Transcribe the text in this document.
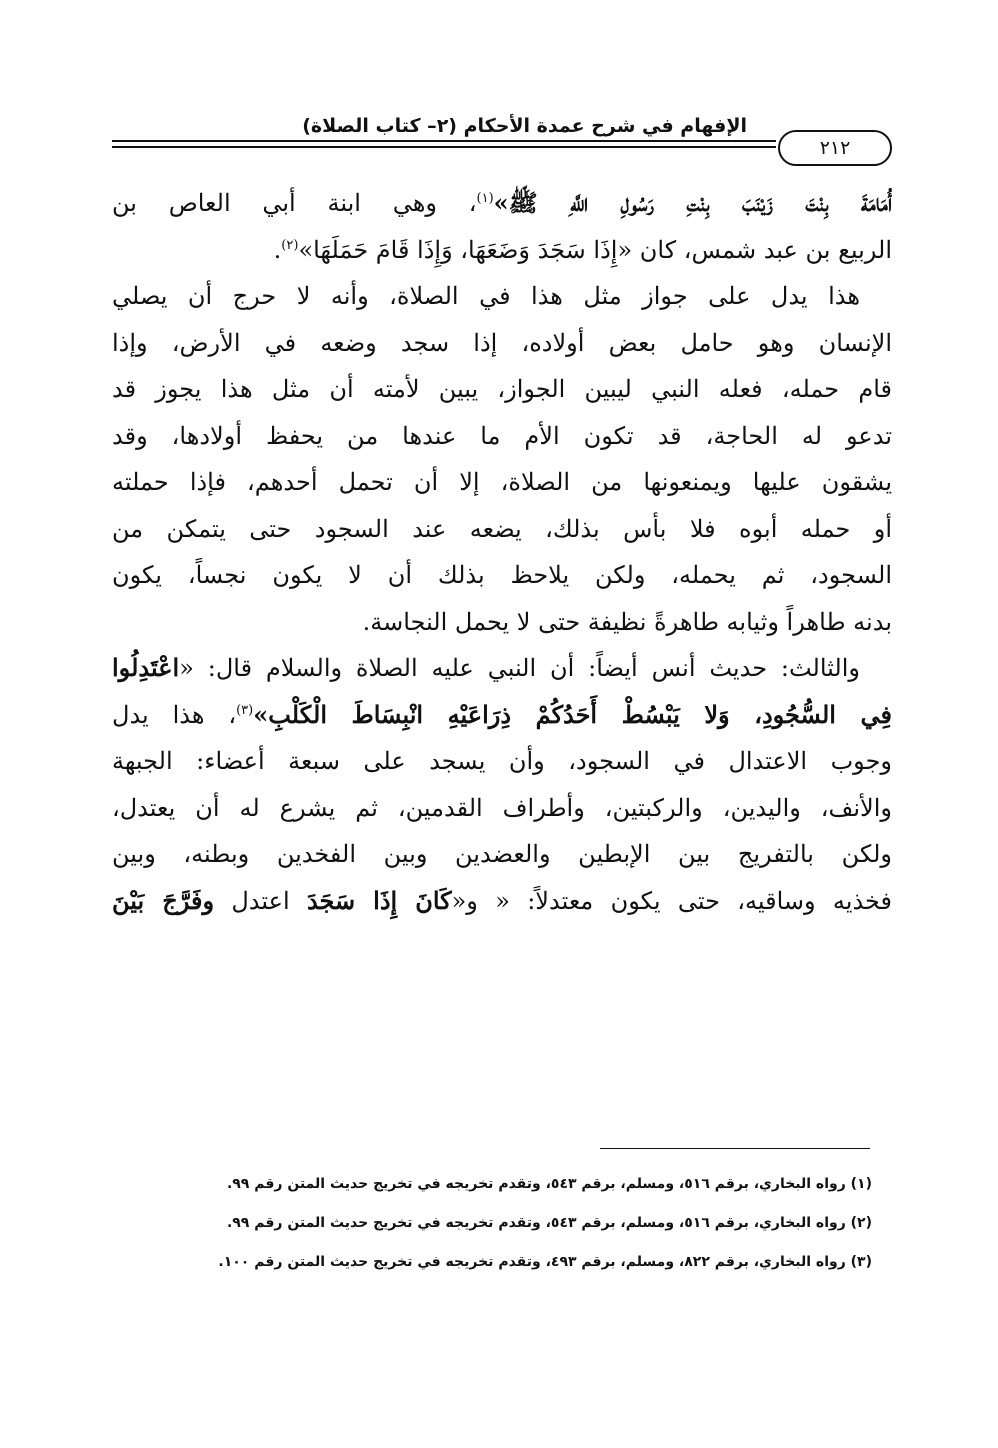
الإفهام في شرح عمدة الأحكام (٢– كتاب الصلاة)
٢١٢
أُمَامَةَ بِنْتَ زَيْنَبَ بِنْتِ رَسُولِ اللَّهِ ﷺ»$^{(١)}$، وهي ابنة أبي العاص بن
الربيع بن عبد شمس، كان «إِذَا سَجَدَ وَضَعَهَا، وَإِذَا قَامَ حَمَلَهَا»$^{(٢)}$.
هذا يدل على جواز مثل هذا في الصلاة، وأنه لا حرج أن يصلي
الإنسان وهو حامل بعض أولاده، إذا سجد وضعه في الأرض، وإذا
قام حمله، فعله النبي ليبين الجواز، يبين لأمته أن مثل هذا يجوز قد
تدعو له الحاجة، قد تكون الأم ما عندها من يحفظ أولادها، وقد
يشقون عليها ويمنعونها من الصلاة، إلا أن تحمل أحدهم، فإذا حملته
أو حمله أبوه فلا بأس بذلك، يضعه عند السجود حتى يتمكن من
السجود، ثم يحمله، ولكن يلاحظ بذلك أن لا يكون نجساً، يكون
بدنه طاهراً وثيابه طاهرةً نظيفة حتى لا يحمل النجاسة.
والثالث: حديث أنس أيضاً: أن النبي عليه الصلاة والسلام قال: «اعْتَدِلُوا
فِي السُّجُودِ، وَلا يَبْسُطْ أَحَدُكُمْ ذِرَاعَيْهِ انْبِسَاطَ الْكَلْبِ»$^{(٣)}$، هذا يدل
وجوب الاعتدال في السجود، وأن يسجد على سبعة أعضاء: الجبهة
والأنف، واليدين، والركبتين، وأطراف القدمين، ثم يشرع له أن يعتدل،
ولكن بالتفريج بين الإبطين والعضدين وبين الفخدين وبطنه، وبين
فخذيه وساقيه، حتى يكون معتدلاً: « و«كَانَ إِذَا سَجَدَ اعتدل وفَرَّجَ بَيْنَ
(١) رواه البخاري، برقم ٥١٦، ومسلم، برقم ٥٤٣، وتقدم تخريجه في تخريج حديث المتن رقم ٩٩.
(٢) رواه البخاري، برقم ٥١٦، ومسلم، برقم ٥٤٣، وتقدم تخريجه في تخريج حديث المتن رقم ٩٩.
(٣) رواه البخاري، برقم ٨٢٢، ومسلم، برقم ٤٩٣، وتقدم تخريجه في تخريج حديث المتن رقم ١٠٠.
